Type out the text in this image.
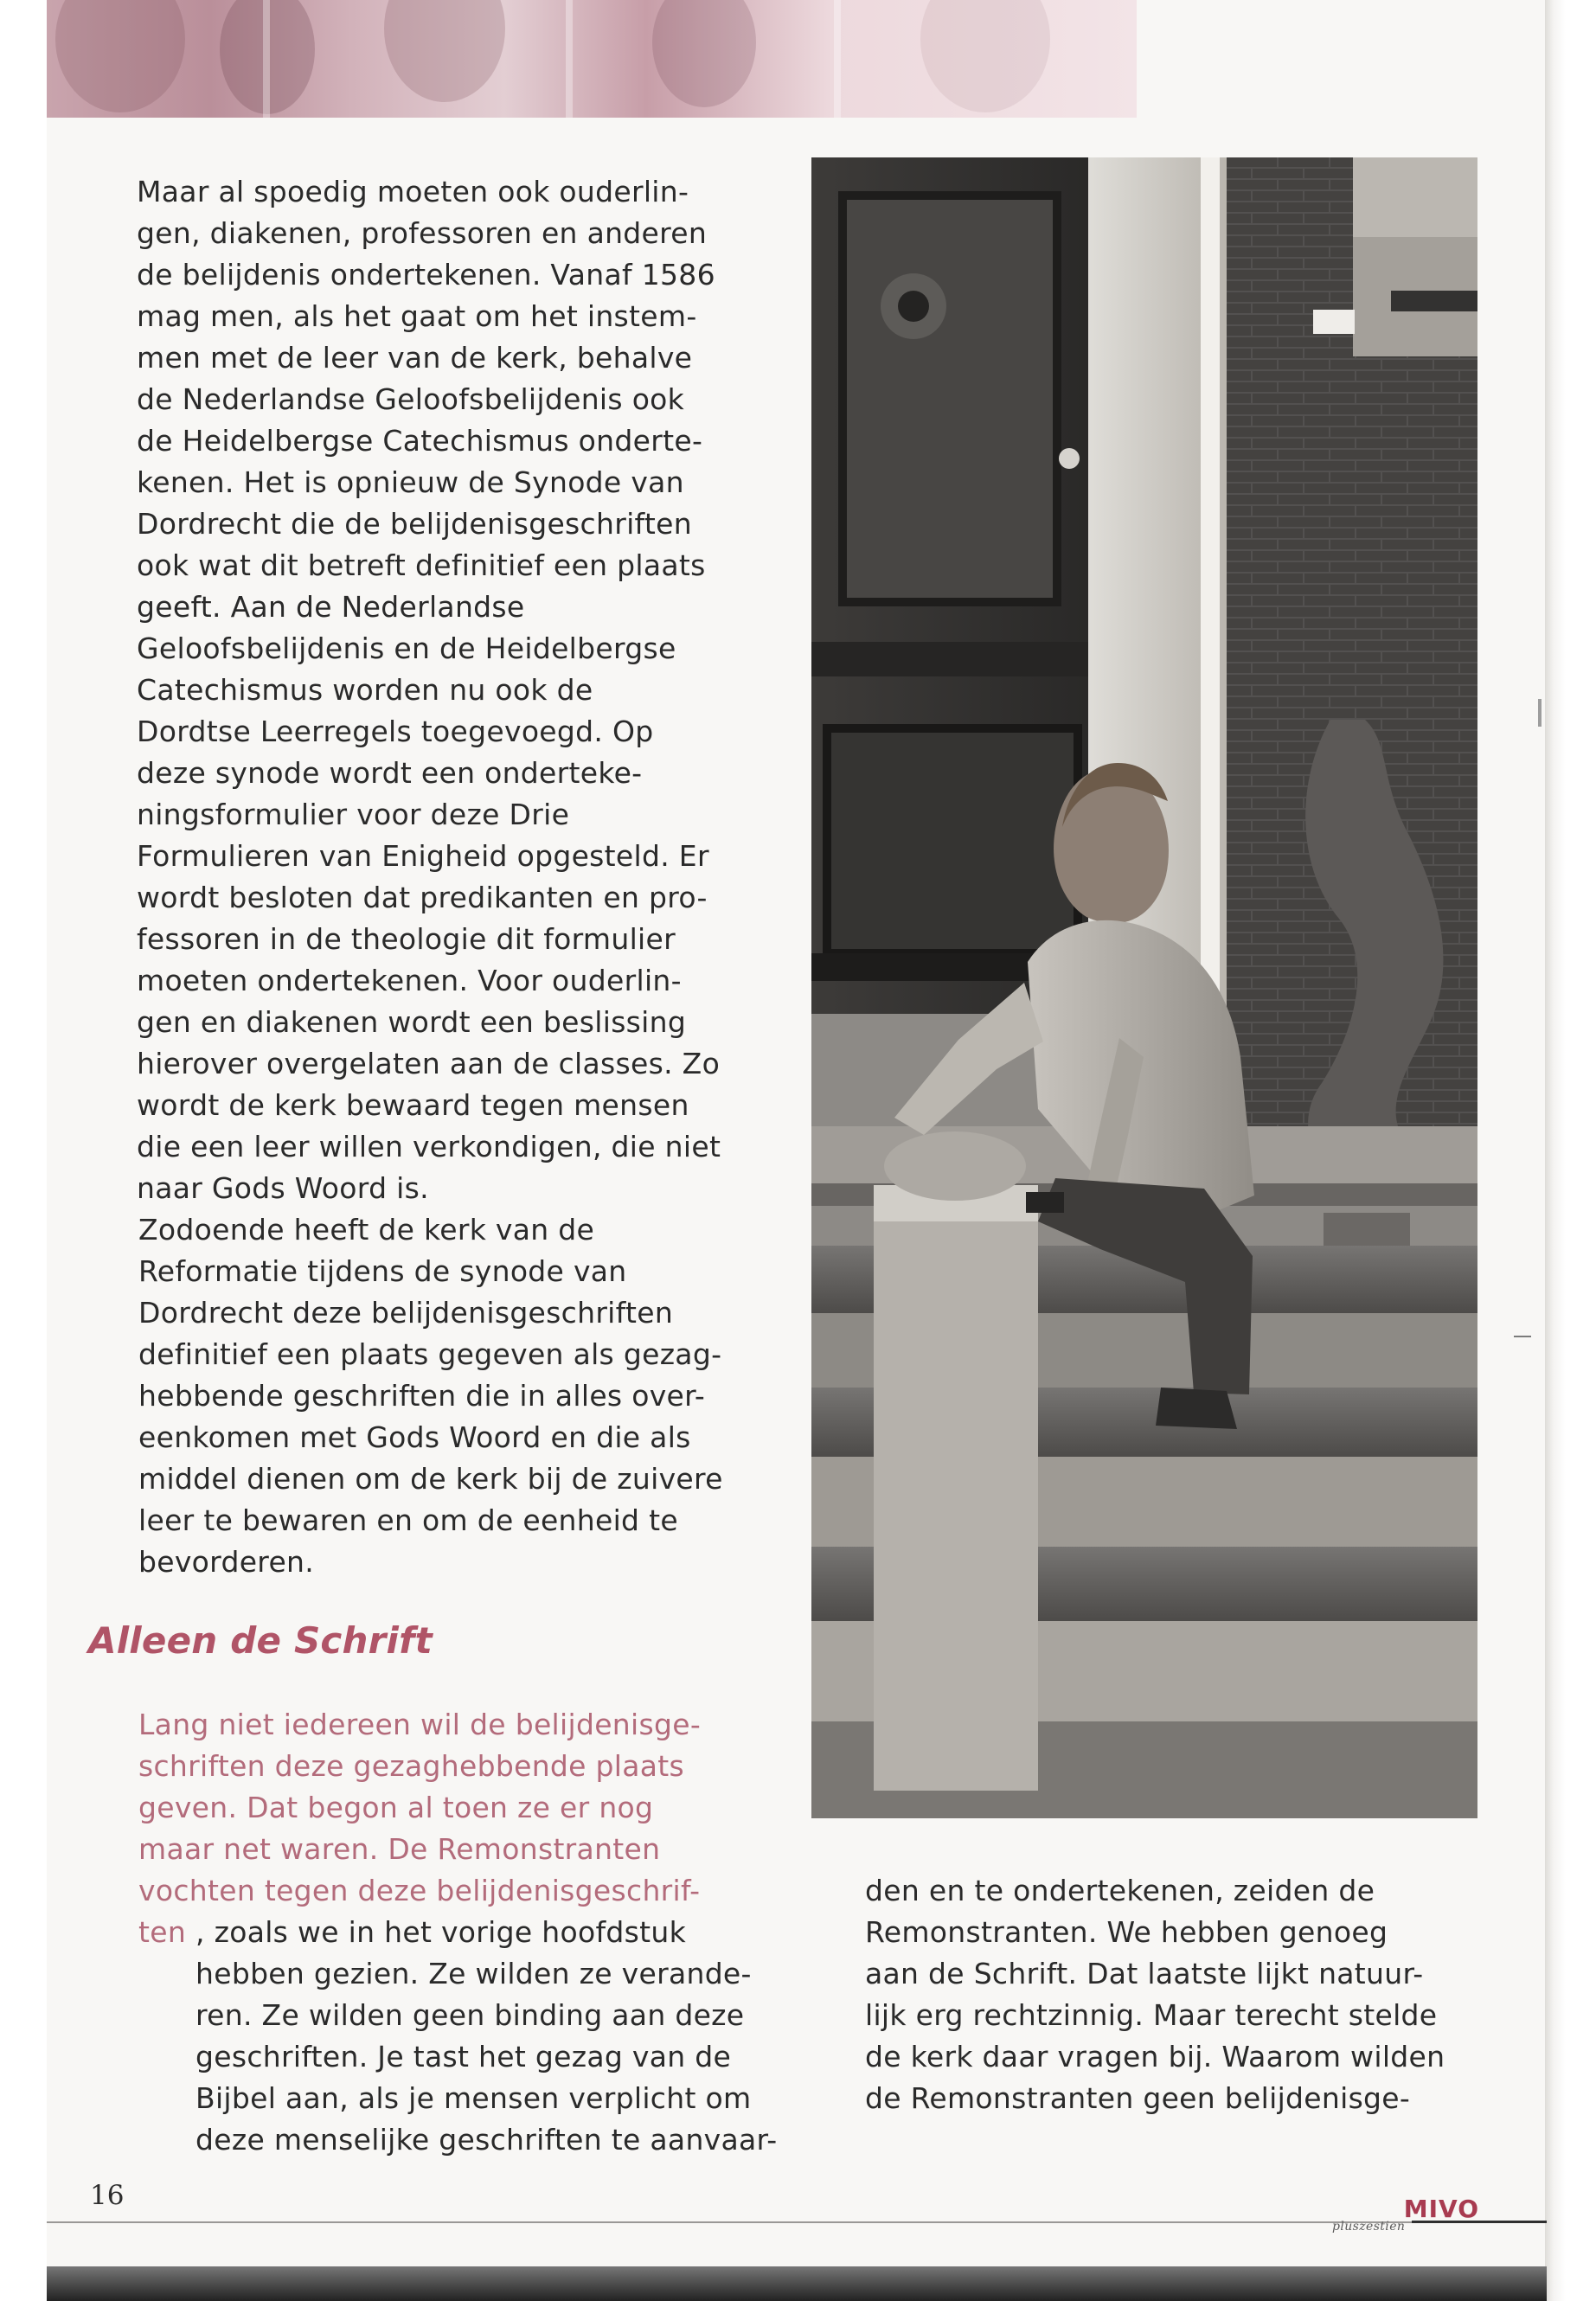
Maar al spoedig moeten ook ouderlin-
gen, diakenen, professoren en anderen
de belijdenis ondertekenen. Vanaf 1586
mag men, als het gaat om het instem-
men met de leer van de kerk, behalve
de Nederlandse Geloofsbelijdenis ook
de Heidelbergse Catechismus onderte-
kenen. Het is opnieuw de Synode van
Dordrecht die de belijdenisgeschriften
ook wat dit betreft definitief een plaats
geeft. Aan de Nederlandse
Geloofsbelijdenis en de Heidelbergse
Catechismus worden nu ook de
Dordtse Leerregels toegevoegd. Op
deze synode wordt een onderteke-
ningsformulier voor deze Drie
Formulieren van Enigheid opgesteld. Er
wordt besloten dat predikanten en pro-
fessoren in de theologie dit formulier
moeten ondertekenen. Voor ouderlin-
gen en diakenen wordt een beslissing
hierover overgelaten aan de classes. Zo
wordt de kerk bewaard tegen mensen
die een leer willen verkondigen, die niet
naar Gods Woord is.

Zodoende heeft de kerk van de
Reformatie tijdens de synode van
Dordrecht deze belijdenisgeschriften
definitief een plaats gegeven als gezag-
hebbende geschriften die in alles over-
eenkomen met Gods Woord en die als
middel dienen om de kerk bij de zuivere
leer te bewaren en om de eenheid te
bevorderen.

Alleen de Schrift
Lang niet iedereen wil de belijdenisge-
schriften deze gezaghebbende plaats
geven. Dat begon al toen ze er nog
maar net waren. De Remonstranten
vochten tegen deze belijdenisgeschrif-
ten , zoals we in het vorige hoofdstuk
hebben gezien. Ze wilden ze verande-
ren. Ze wilden geen binding aan deze
geschriften. Je tast het gezag van de
Bijbel aan, als je mensen verplicht om
deze menselijke geschriften te aanvaar-

den en te ondertekenen, zeiden de
Remonstranten. We hebben genoeg
aan de Schrift. Dat laatste lijkt natuur-
lijk erg rechtzinnig. Maar terecht stelde
de kerk daar vragen bij. Waarom wilden
de Remonstranten geen belijdenisge-

16	MIVO
pluszestien
